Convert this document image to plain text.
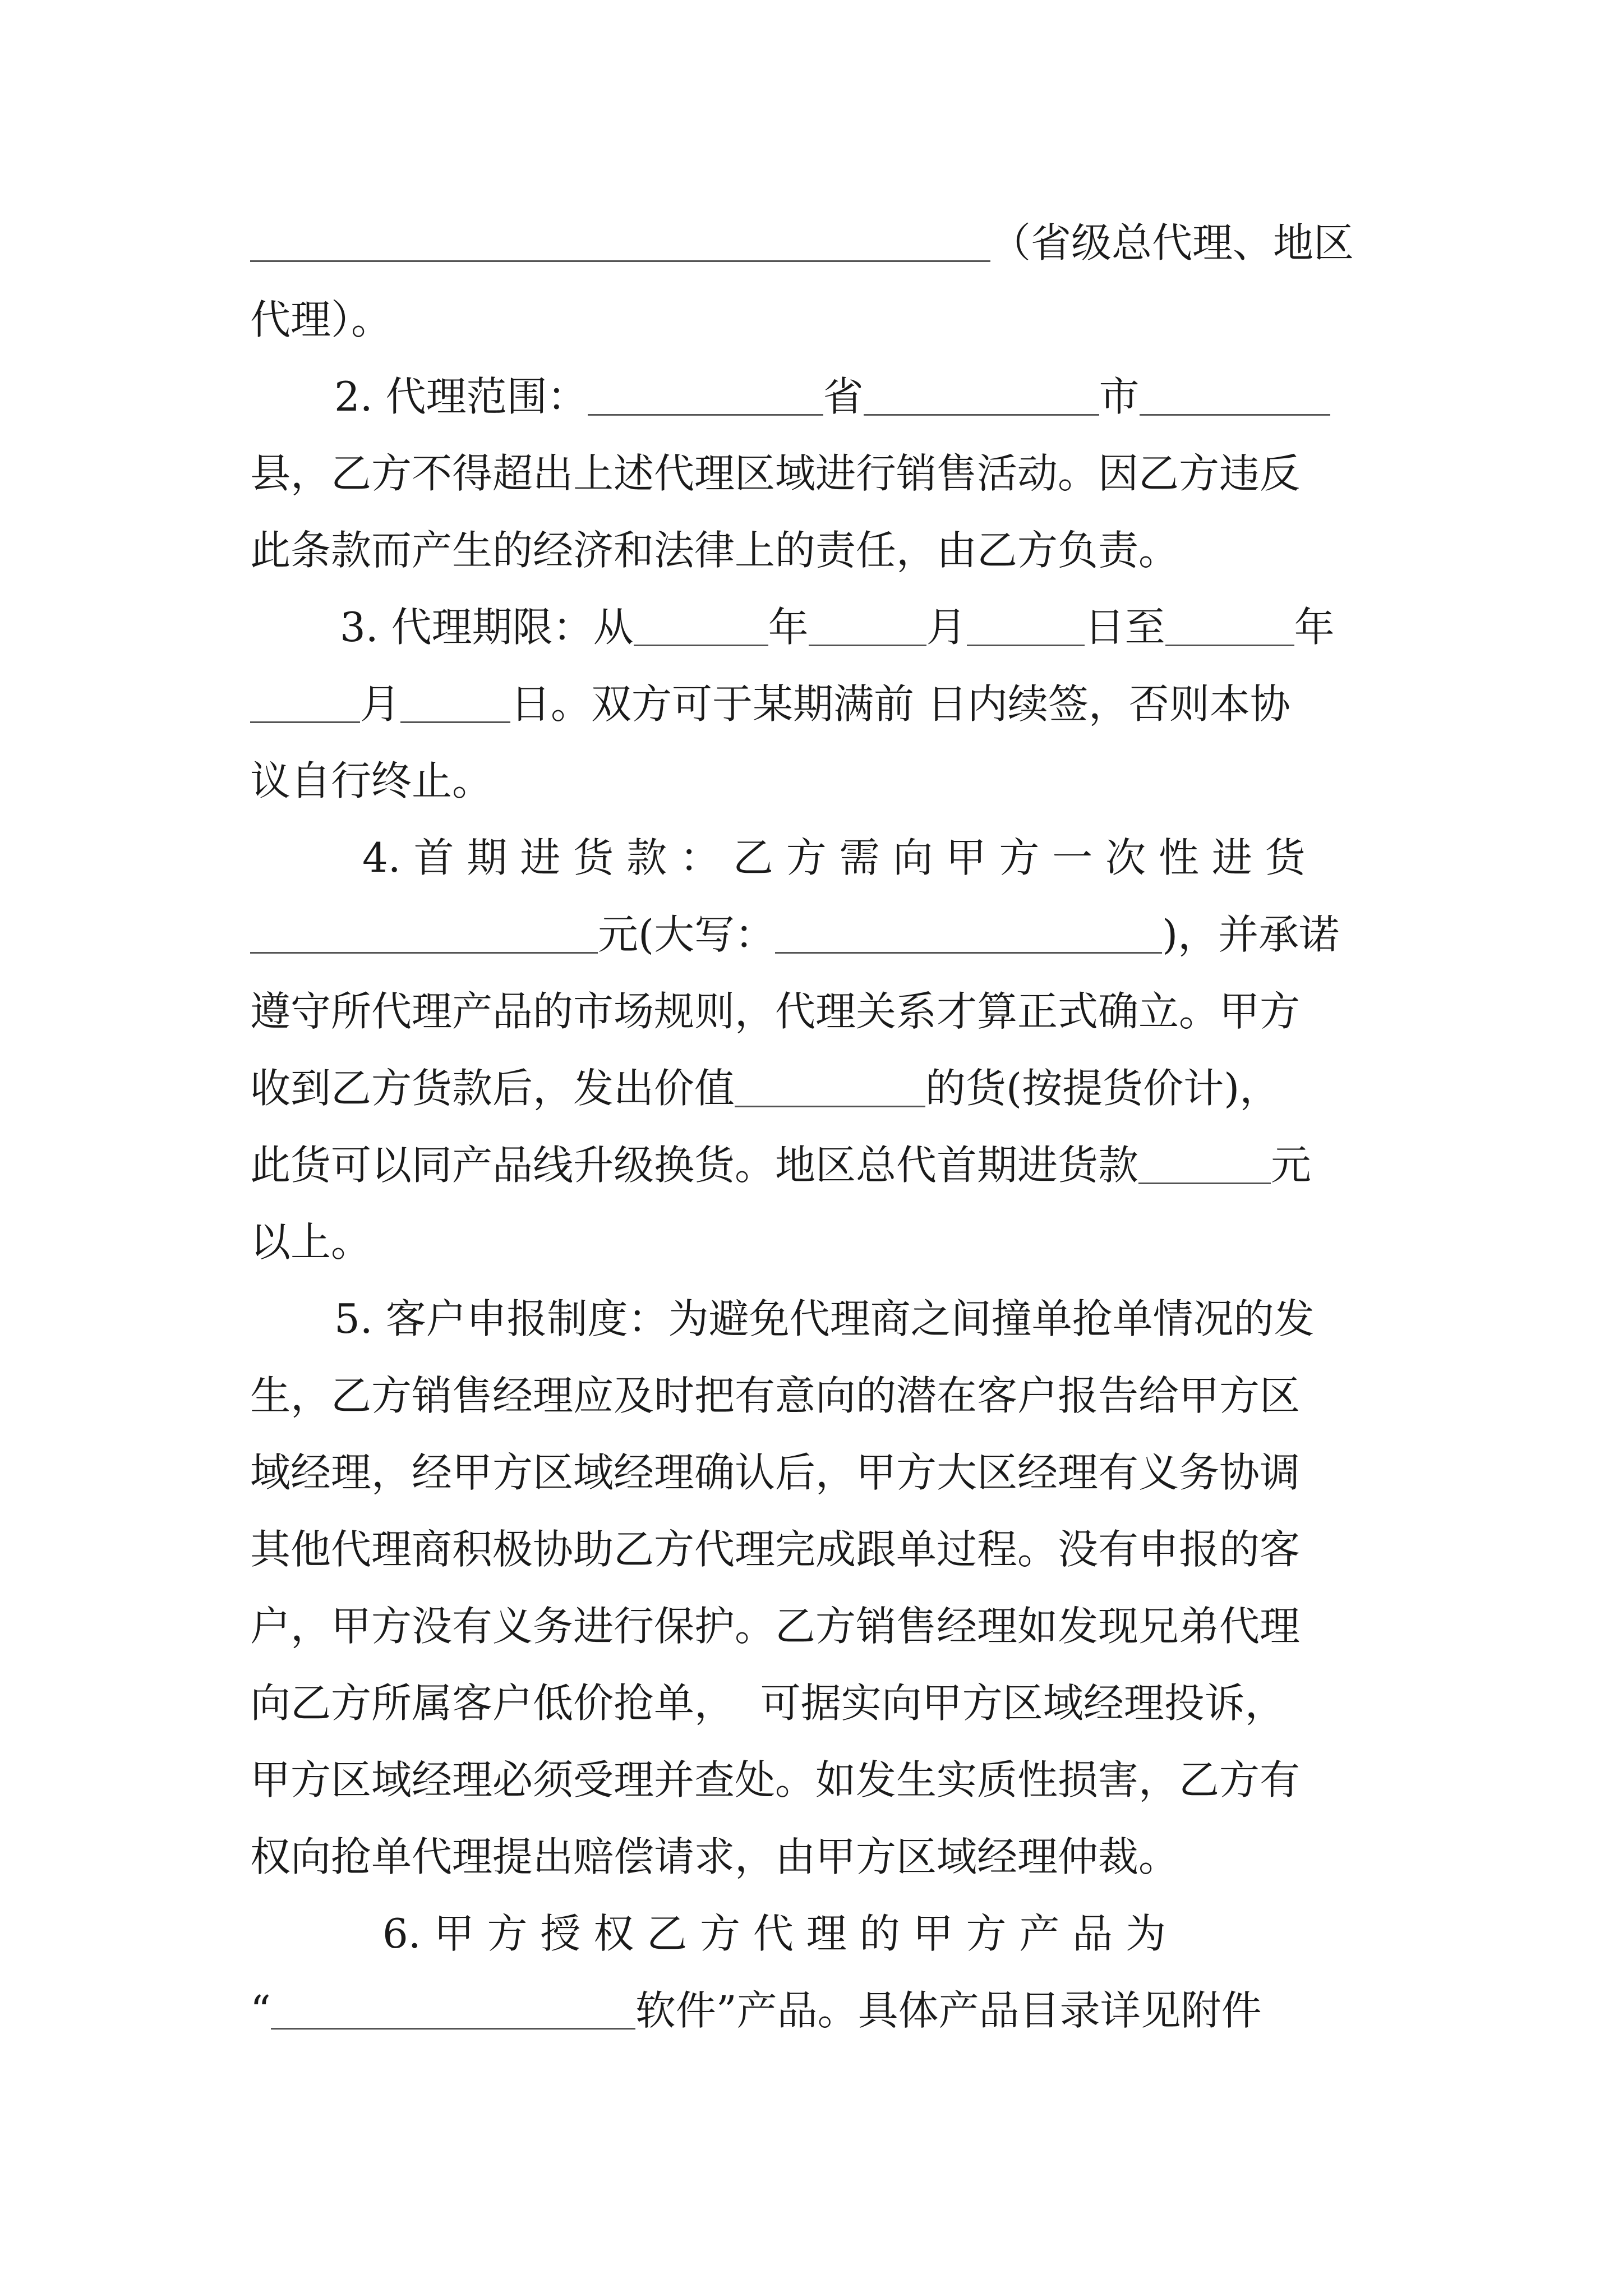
（省级总代理、地区
代理）。
2. 代理范围：	省	市
县，乙方不得超出上述代理区域进行销售活动。因乙方违反
此条款而产生的经济和法律上的责任，由乙方负责。
3. 代理期限：从	年	月	日至	年
月	日。双方可于某期满前 日内续签，否则本协
议自行终止。
4. 首 期 进 货 款 ： 乙 方 需 向 甲 方 一 次 性 进 货
元(大写：	)，并承诺
遵守所代理产品的市场规则，代理关系才算正式确立。甲方
收到乙方货款后，发出价值	的货(按提货价计)，
此货可以同产品线升级换货。地区总代首期进货款	元
以上。
5. 客户申报制度：为避免代理商之间撞单抢单情况的发
生，乙方销售经理应及时把有意向的潜在客户报告给甲方区
域经理，经甲方区域经理确认后，甲方大区经理有义务协调
其他代理商积极协助乙方代理完成跟单过程。没有申报的客
户，甲方没有义务进行保护。乙方销售经理如发现兄弟代理
向乙方所属客户低价抢单，  可据实向甲方区域经理投诉，
甲方区域经理必须受理并查处。如发生实质性损害，乙方有
权向抢单代理提出赔偿请求，由甲方区域经理仲裁。
6. 甲 方 授 权 乙 方 代 理 的 甲 方 产 品 为
“	软件”产品。具体产品目录详见附件
